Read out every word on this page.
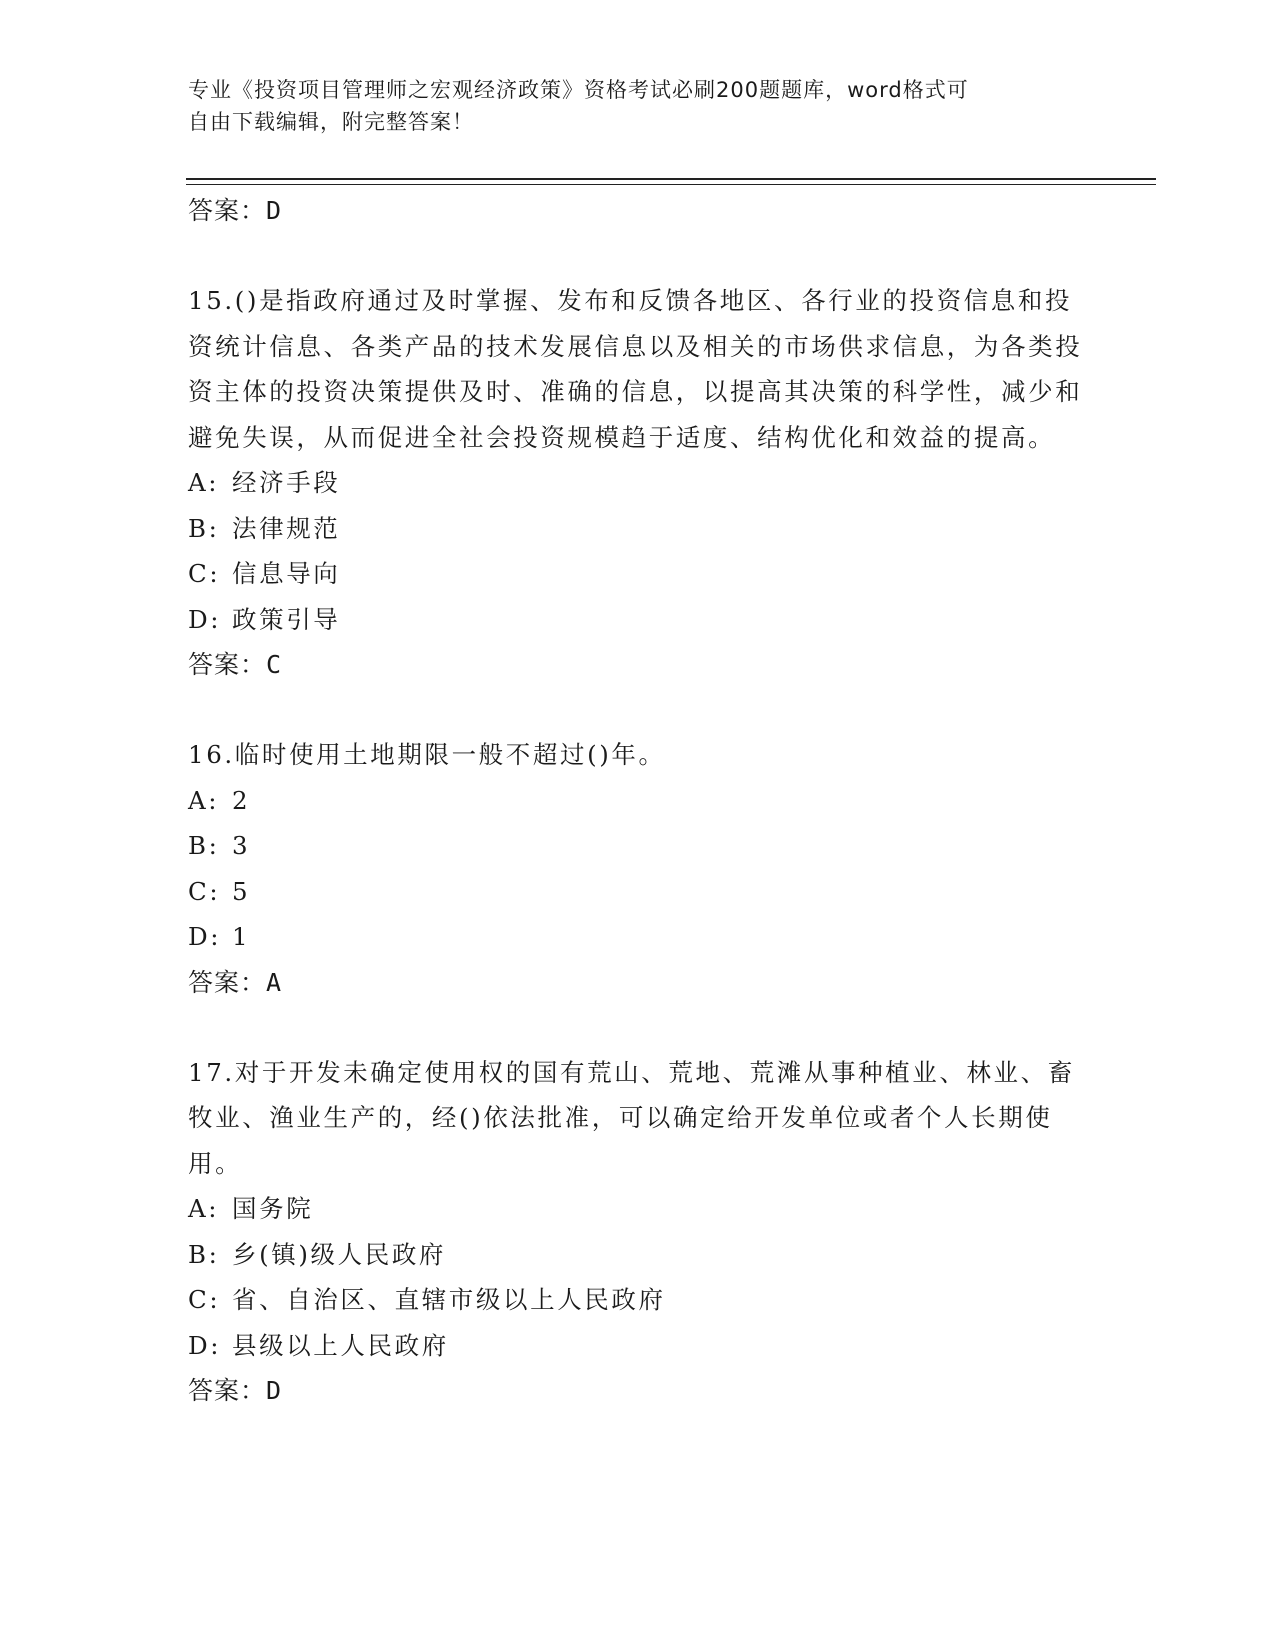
专业《投资项目管理师之宏观经济政策》资格考试必刷200题题库，word格式可
自由下载编辑，附完整答案！
答案：D
15.()是指政府通过及时掌握、发布和反馈各地区、各行业的投资信息和投资统计信息、各类产品的技术发展信息以及相关的市场供求信息，为各类投资主体的投资决策提供及时、准确的信息，以提高其决策的科学性，减少和避免失误，从而促进全社会投资规模趋于适度、结构优化和效益的提高。
A: 经济手段
B: 法律规范
C: 信息导向
D: 政策引导
答案：C
16.临时使用土地期限一般不超过()年。
A: 2
B: 3
C: 5
D: 1
答案：A
17.对于开发未确定使用权的国有荒山、荒地、荒滩从事种植业、林业、畜牧业、渔业生产的，经()依法批准，可以确定给开发单位或者个人长期使用。
A: 国务院
B: 乡(镇)级人民政府
C: 省、自治区、直辖市级以上人民政府
D: 县级以上人民政府
答案：D
